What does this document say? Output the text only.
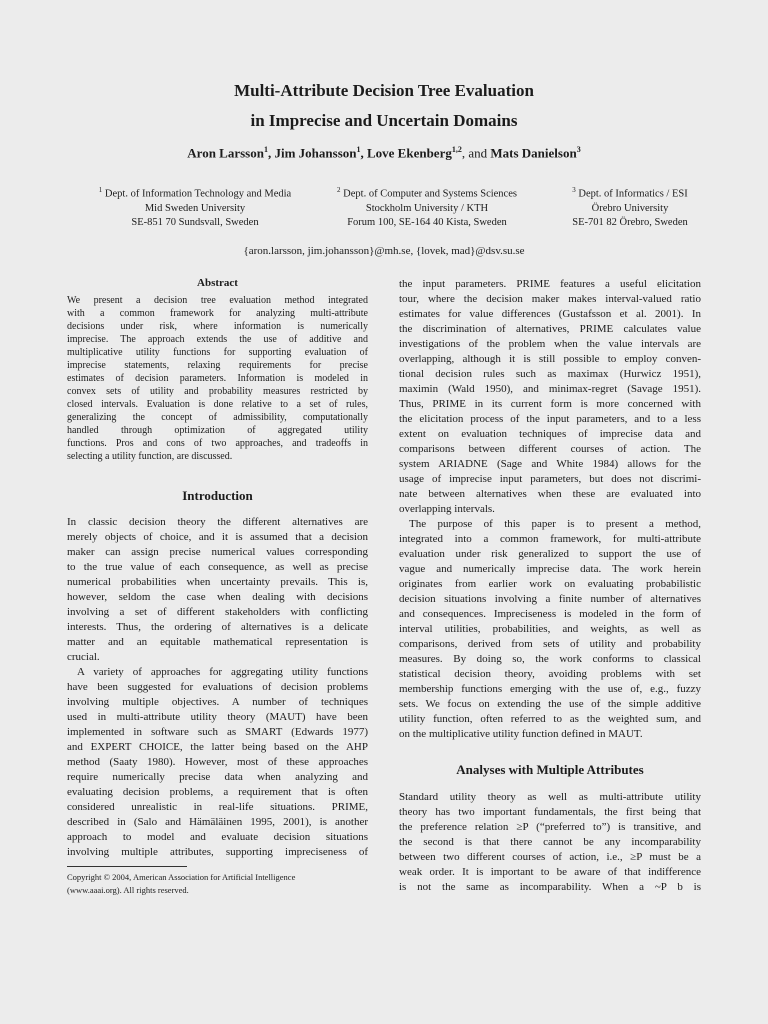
Multi-Attribute Decision Tree Evaluation
in Imprecise and Uncertain Domains
Aron Larsson$^1$, Jim Johansson$^1$, Love Ekenberg$^{1,2}$, and Mats Danielson$^3$
$^1$ Dept. of Information Technology and Media
Mid Sweden University
SE-851 70 Sundsvall, Sweden
$^2$ Dept. of Computer and Systems Sciences
Stockholm University / KTH
Forum 100, SE-164 40 Kista, Sweden
$^3$ Dept. of Informatics / ESI
Örebro University
SE-701 82 Örebro, Sweden
{aron.larsson, jim.johansson}@mh.se, {lovek, mad}@dsv.su.se
Abstract
We present a decision tree evaluation method integrated
with a common framework for analyzing multi-attribute
decisions under risk, where information is numerically
imprecise. The approach extends the use of additive and
multiplicative utility functions for supporting evaluation of
imprecise statements, relaxing requirements for precise
estimates of decision parameters. Information is modeled in
convex sets of utility and probability measures restricted by
closed intervals. Evaluation is done relative to a set of rules,
generalizing the concept of admissibility, computationally
handled through optimization of aggregated utility
functions. Pros and cons of two approaches, and tradeoffs in
selecting a utility function, are discussed.
Introduction
In classic decision theory the different alternatives are
merely objects of choice, and it is assumed that a decision
maker can assign precise numerical values corresponding
to the true value of each consequence, as well as precise
numerical probabilities when uncertainty prevails. This is,
however, seldom the case when dealing with decisions
involving a set of different stakeholders with conflicting
interests. Thus, the ordering of alternatives is a delicate
matter and an equitable mathematical representation is
crucial.
A variety of approaches for aggregating utility functions
have been suggested for evaluations of decision problems
involving multiple objectives. A number of techniques
used in multi-attribute utility theory (MAUT) have been
implemented in software such as SMART (Edwards 1977)
and EXPERT CHOICE, the latter being based on the AHP
method (Saaty 1980). However, most of these approaches
require numerically precise data when analyzing and
evaluating decision problems, a requirement that is often
considered unrealistic in real-life situations. PRIME,
described in (Salo and Hämäläinen 1995, 2001), is another
approach to model and evaluate decision situations
involving multiple attributes, supporting impreciseness of
Copyright © 2004, American Association for Artificial Intelligence
(www.aaai.org). All rights reserved.
the input parameters. PRIME features a useful elicitation
tour, where the decision maker makes interval-valued ratio
estimates for value differences (Gustafsson et al. 2001). In
the discrimination of alternatives, PRIME calculates value
investigations of the problem when the value intervals are
overlapping, although it is still possible to employ conven-
tional decision rules such as maximax (Hurwicz 1951),
maximin (Wald 1950), and minimax-regret (Savage 1951).
Thus, PRIME in its current form is more concerned with
the elicitation process of the input parameters, and to a less
extent on evaluation techniques of imprecise data and
comparisons between different courses of action. The
system ARIADNE (Sage and White 1984) allows for the
usage of imprecise input parameters, but does not discrimi-
nate between alternatives when these are evaluated into
overlapping intervals.
The purpose of this paper is to present a method,
integrated into a common framework, for multi-attribute
evaluation under risk generalized to support the use of
vague and numerically imprecise data. The work herein
originates from earlier work on evaluating probabilistic
decision situations involving a finite number of alternatives
and consequences. Impreciseness is modeled in the form of
interval utilities, probabilities, and weights, as well as
comparisons, derived from sets of utility and probability
measures. By doing so, the work conforms to classical
statistical decision theory, avoiding problems with set
membership functions emerging with the use of, e.g., fuzzy
sets. We focus on extending the use of the simple additive
utility function, often referred to as the weighted sum, and
on the multiplicative utility function defined in MAUT.
Analyses with Multiple Attributes
Standard utility theory as well as multi-attribute utility
theory has two important fundamentals, the first being that
the preference relation ≥P (“preferred to”) is transitive, and
the second is that there cannot be any incomparability
between two different courses of action, i.e., ≥P must be a
weak order. It is important to be aware of that indifference
is not the same as incomparability. When a ~P b is
